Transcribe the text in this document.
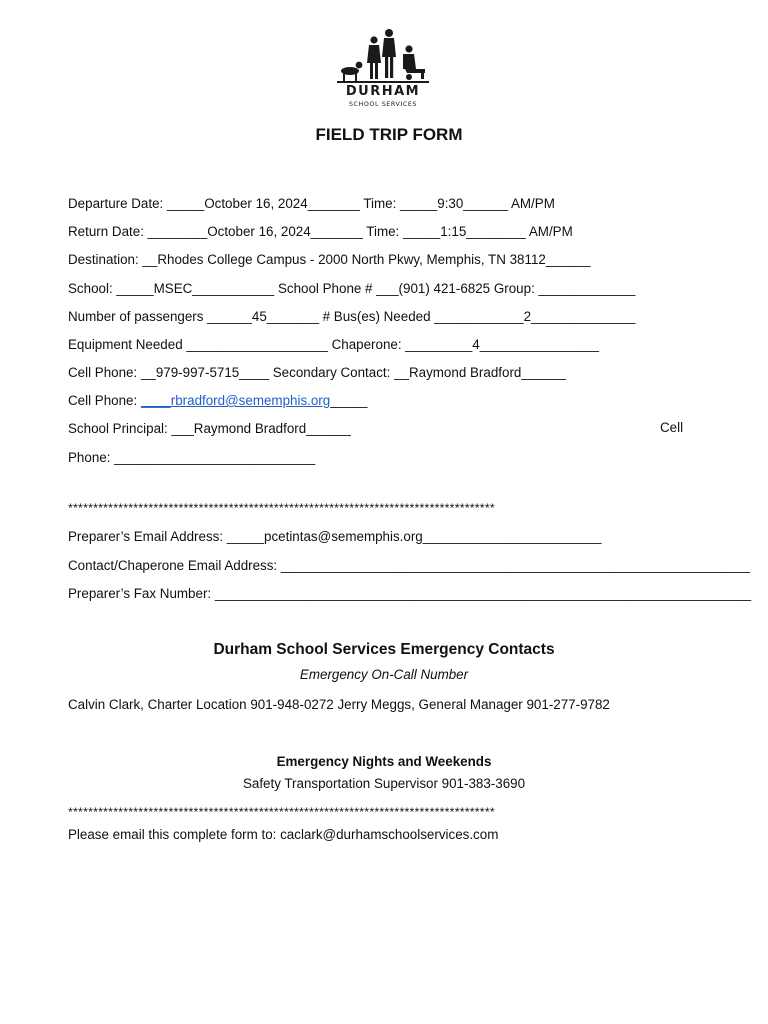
DURHAM
SCHOOL SERVICES
FIELD TRIP FORM
Departure Date: _____October 16, 2024_______ Time: _____9:30______ AM/PM
Return Date: ________October 16, 2024_______ Time: _____1:15________ AM/PM
Destination: __Rhodes College Campus - 2000 North Pkwy, Memphis, TN 38112______
School: _____MSEC___________ School Phone # ___(901) 421-6825 Group: _____________
Number of passengers ______45_______ # Bus(es) Needed ____________2______________
Equipment Needed ___________________ Chaperone: _________4________________
Cell Phone: __979-997-5715____ Secondary Contact: __Raymond Bradford______
Cell Phone: ____rbradford@sememphis.org_____
School Principal: ___Raymond Bradford______	Cell
Phone: ___________________________
*************************************************************************************
Preparer’s Email Address: _____pcetintas@sememphis.org________________________
Contact/Chaperone Email Address: _______________________________________________________________
Preparer’s Fax Number: ________________________________________________________________________
Durham School Services Emergency Contacts
Emergency On-Call Number
Calvin Clark, Charter Location 901-948-0272 Jerry Meggs, General Manager 901-277-9782
Emergency Nights and Weekends
Safety Transportation Supervisor 901-383-3690
*************************************************************************************
Please email this complete form to: caclark@durhamschoolservices.com
